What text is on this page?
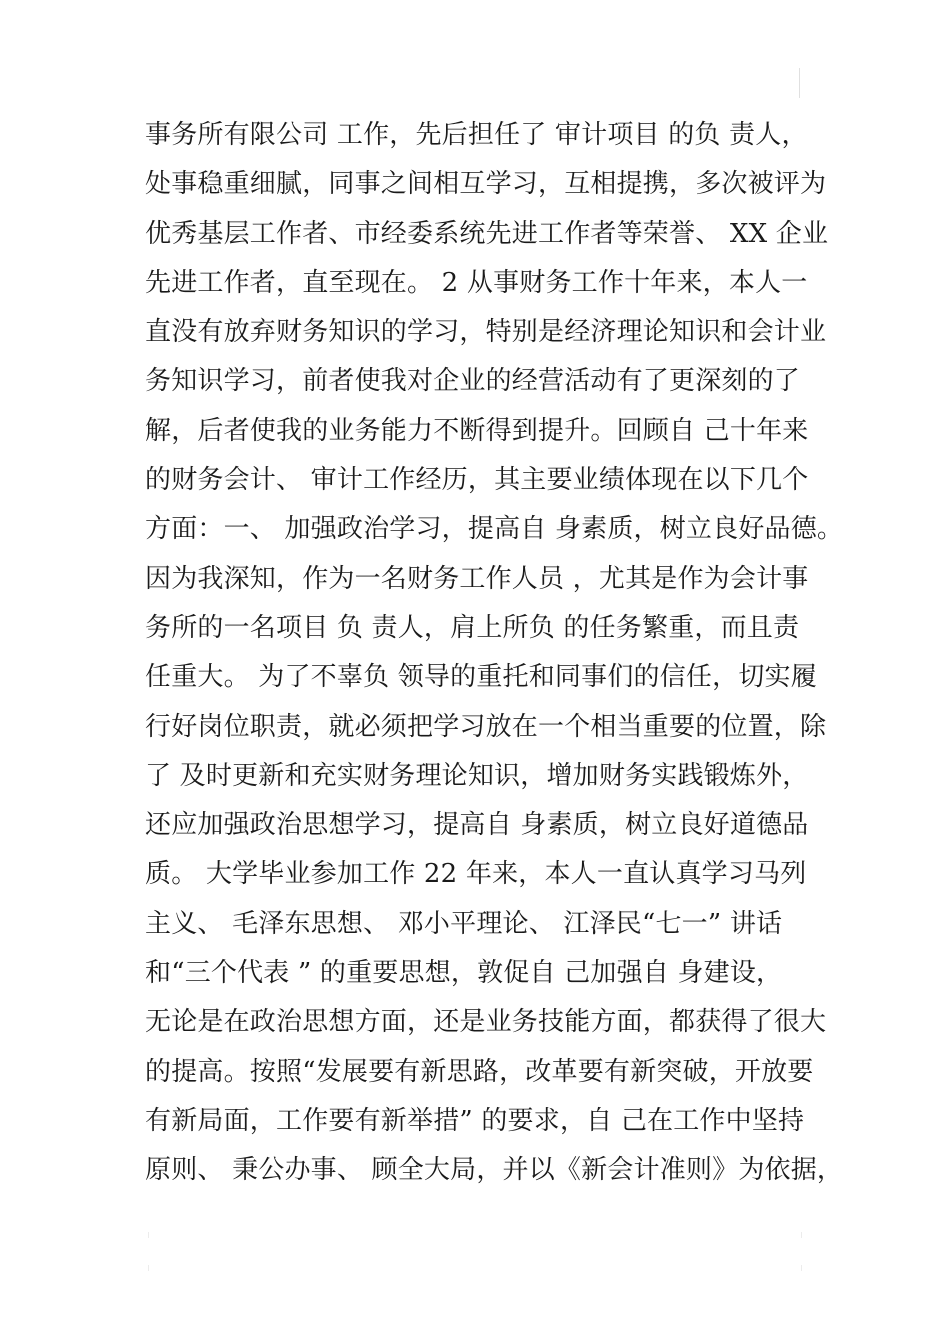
事务所有限公司 工作，先后担任了 审计项目 的负 责人，
处事稳重细腻，同事之间相互学习，互相提携，多次被评为
优秀基层工作者、市经委系统先进工作者等荣誉、 XX 企业
先进工作者，直至现在。 2 从事财务工作十年来，本人一
直没有放弃财务知识的学习，特别是经济理论知识和会计业
务知识学习，前者使我对企业的经营活动有了更深刻的了
解，后者使我的业务能力不断得到提升。回顾自 己十年来
的财务会计、 审计工作经历，其主要业绩体现在以下几个
方面：一、 加强政治学习，提高自 身素质，树立良好品德。
因为我深知，作为一名财务工作人员 ，尤其是作为会计事
务所的一名项目 负 责人，肩上所负 的任务繁重，而且责
任重大。 为了不辜负 领导的重托和同事们的信任，切实履
行好岗位职责，就必须把学习放在一个相当重要的位置，除
了 及时更新和充实财务理论知识，增加财务实践锻炼外，
还应加强政治思想学习，提高自 身素质，树立良好道德品
质。 大学毕业参加工作 22 年来，本人一直认真学习马列
主义、 毛泽东思想、 邓小平理论、 江泽民“七一” 讲话
和“三个代表 ” 的重要思想，敦促自 己加强自 身建设，
无论是在政治思想方面，还是业务技能方面，都获得了很大
的提高。按照“发展要有新思路，改革要有新突破，开放要
有新局面，工作要有新举措” 的要求，自 己在工作中坚持
原则、 秉公办事、 顾全大局，并以《新会计准则》为依据，
